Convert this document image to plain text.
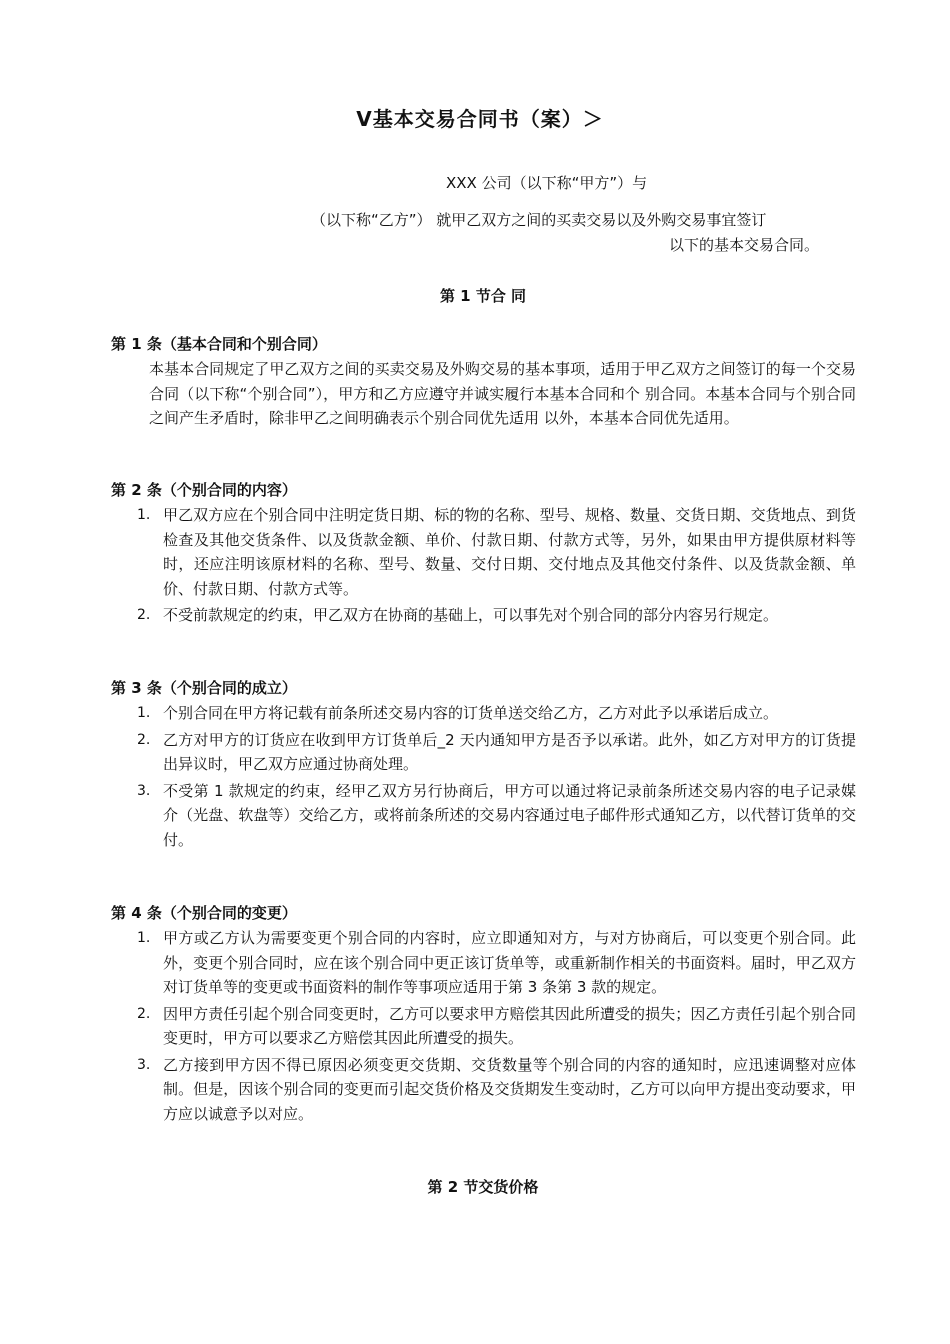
Ⅴ基本交易合同书（案）＞
XXX 公司（以下称“甲方”）与
（以下称“乙方”） 就甲乙双方之间的买卖交易以及外购交易事宜签订
以下的基本交易合同。
第 1 节合 同
第 1 条（基本合同和个别合同）
本基本合同规定了甲乙双方之间的买卖交易及外购交易的基本事项，适用于甲乙双方之间签订的每一个交易合同（以下称“个别合同”），甲方和乙方应遵守并诚实履行本基本合同和个 别合同。本基本合同与个别合同之间产生矛盾时，除非甲乙之间明确表示个别合同优先适用 以外，本基本合同优先适用。
第 2 条（个别合同的内容）
1. 甲乙双方应在个别合同中注明定货日期、标的物的名称、型号、规格、数量、交货日期、交货地点、到货检查及其他交货条件、以及货款金额、单价、付款日期、付款方式等，另外，如果由甲方提供原材料等时，还应注明该原材料的名称、型号、数量、交付日期、交付地点及其他交付条件、以及货款金额、单价、付款日期、付款方式等。
2. 不受前款规定的约束，甲乙双方在协商的基础上，可以事先对个别合同的部分内容另行规定。
第 3 条（个别合同的成立）
1. 个别合同在甲方将记载有前条所述交易内容的订货单送交给乙方，乙方对此予以承诺后成立。
2. 乙方对甲方的订货应在收到甲方订货单后_2 天内通知甲方是否予以承诺。此外，如乙方对甲方的订货提出异议时，甲乙双方应通过协商处理。
3. 不受第 1 款规定的约束，经甲乙双方另行协商后，甲方可以通过将记录前条所述交易内容的电子记录媒介（光盘、软盘等）交给乙方，或将前条所述的交易内容通过电子邮件形式通知乙方，以代替订货单的交付。
第 4 条（个别合同的变更）
1. 甲方或乙方认为需要变更个别合同的内容时，应立即通知对方，与对方协商后，可以变更个别合同。此外，变更个别合同时，应在该个别合同中更正该订货单等，或重新制作相关的书面资料。届时，甲乙双方对订货单等的变更或书面资料的制作等事项应适用于第 3 条第 3 款的规定。
2. 因甲方责任引起个别合同变更时，乙方可以要求甲方赔偿其因此所遭受的损失；因乙方责任引起个别合同变更时，甲方可以要求乙方赔偿其因此所遭受的损失。
3. 乙方接到甲方因不得已原因必须变更交货期、交货数量等个别合同的内容的通知时，应迅速调整对应体制。但是，因该个别合同的变更而引起交货价格及交货期发生变动时，乙方可以向甲方提出变动要求，甲方应以诚意予以对应。
第 2 节交货价格
